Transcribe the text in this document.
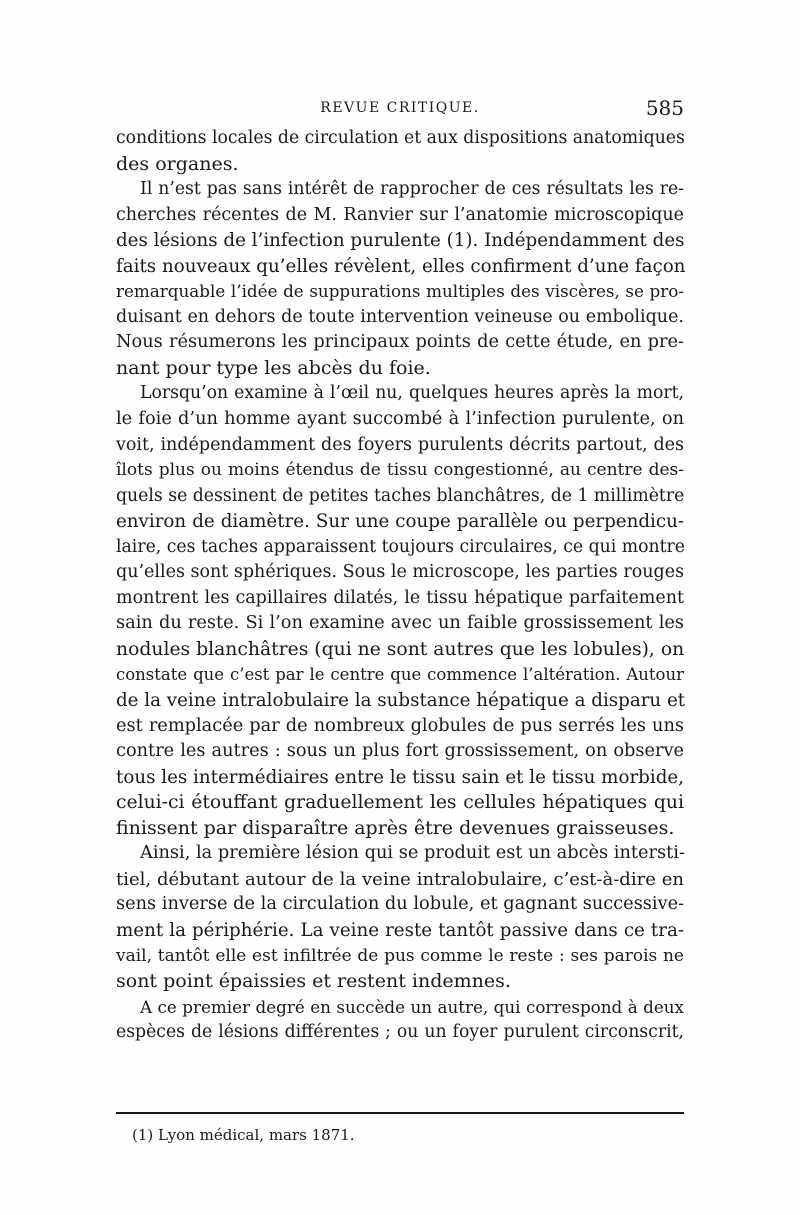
REVUE CRITIQUE.	585
conditions locales de circulation et aux dispositions anatomiques
des organes.
Il n’est pas sans intérêt de rapprocher de ces résultats les re-
cherches récentes de M. Ranvier sur l’anatomie microscopique
des lésions de l’infection purulente (1). Indépendamment des
faits nouveaux qu’elles révèlent, elles confirment d’une façon
remarquable l’idée de suppurations multiples des viscères, se pro-
duisant en dehors de toute intervention veineuse ou embolique.
Nous résumerons les principaux points de cette étude, en pre-
nant pour type les abcès du foie.
Lorsqu’on examine à l’œil nu, quelques heures après la mort,
le foie d’un homme ayant succombé à l’infection purulente, on
voit, indépendamment des foyers purulents décrits partout, des
îlots plus ou moins étendus de tissu congestionné, au centre des-
quels se dessinent de petites taches blanchâtres, de 1 millimètre
environ de diamètre. Sur une coupe parallèle ou perpendicu-
laire, ces taches apparaissent toujours circulaires, ce qui montre
qu’elles sont sphériques. Sous le microscope, les parties rouges
montrent les capillaires dilatés, le tissu hépatique parfaitement
sain du reste. Si l’on examine avec un faible grossissement les
nodules blanchâtres (qui ne sont autres que les lobules), on
constate que c’est par le centre que commence l’altération. Autour
de la veine intralobulaire la substance hépatique a disparu et
est remplacée par de nombreux globules de pus serrés les uns
contre les autres : sous un plus fort grossissement, on observe
tous les intermédiaires entre le tissu sain et le tissu morbide,
celui-ci étouffant graduellement les cellules hépatiques qui
finissent par disparaître après être devenues graisseuses.
Ainsi, la première lésion qui se produit est un abcès intersti-
tiel, débutant autour de la veine intralobulaire, c’est-à-dire en
sens inverse de la circulation du lobule, et gagnant successive-
ment la périphérie. La veine reste tantôt passive dans ce tra-
vail, tantôt elle est infiltrée de pus comme le reste : ses parois ne
sont point épaissies et restent indemnes.
A ce premier degré en succède un autre, qui correspond à deux
espèces de lésions différentes ; ou un foyer purulent circonscrit,
(1) Lyon médical, mars 1871.
